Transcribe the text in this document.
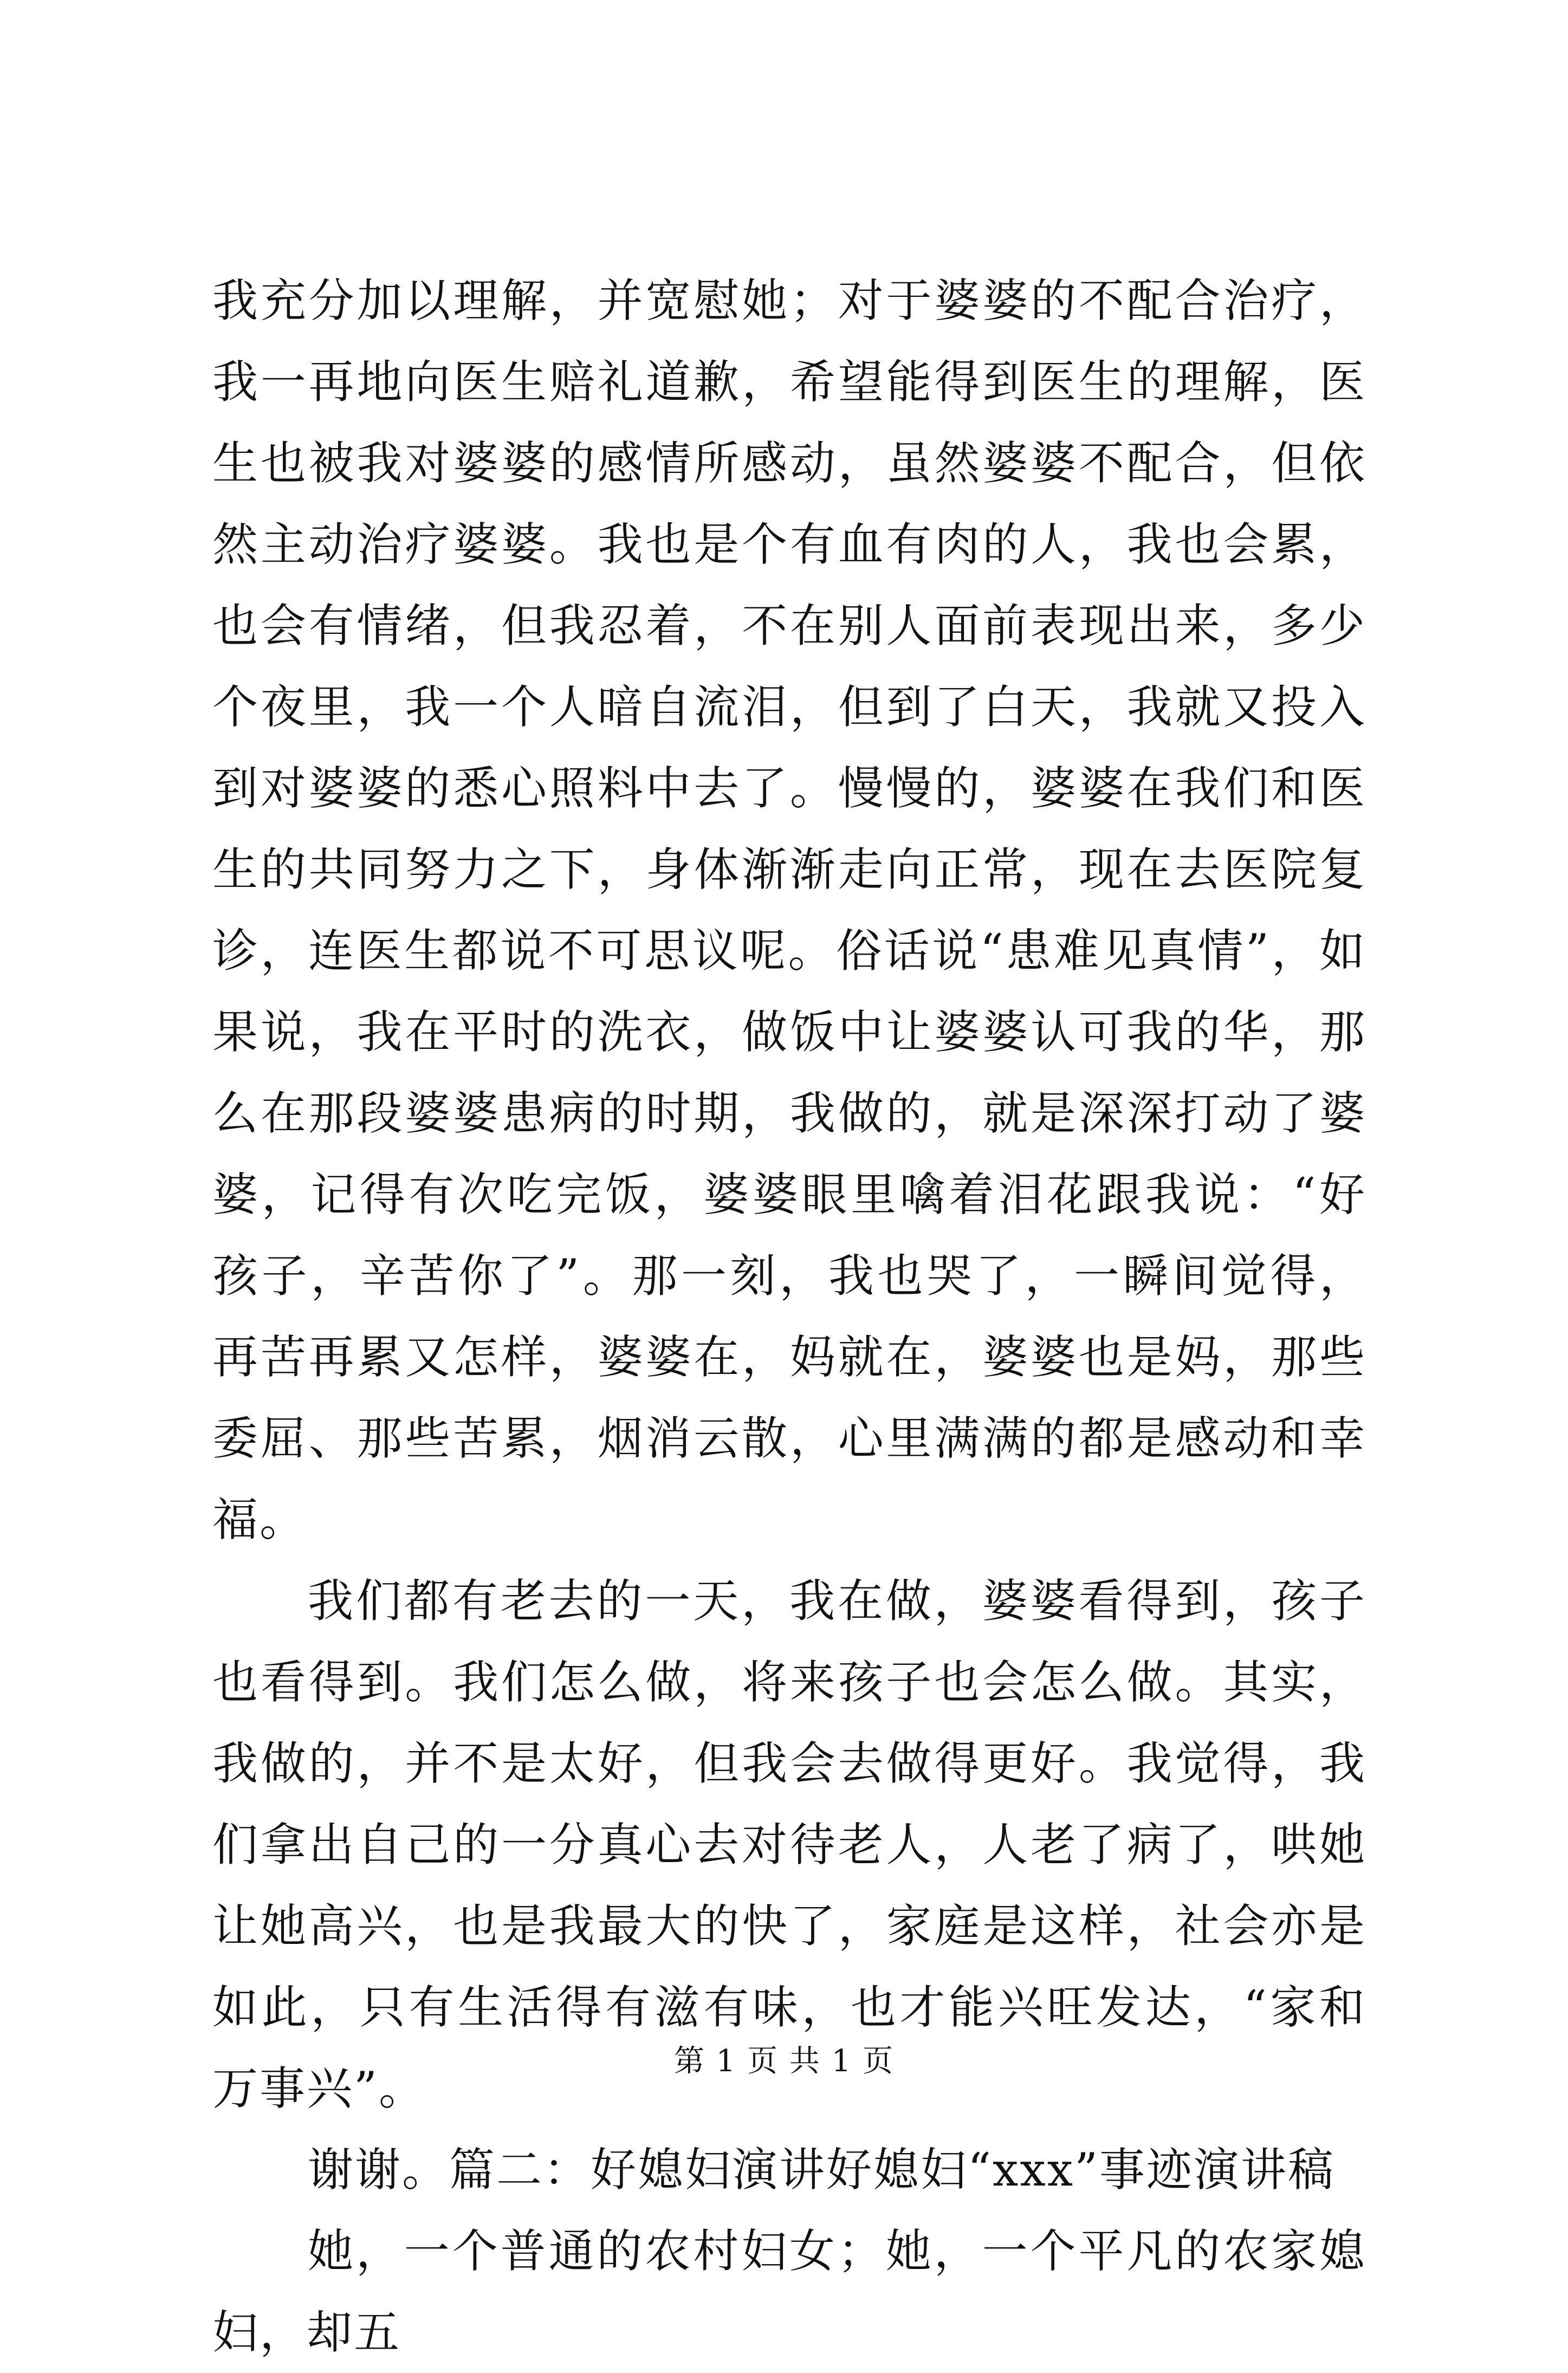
我充分加以理解，并宽慰她；对于婆婆的不配合治疗，我一再地向医生赔礼道歉，希望能得到医生的理解，医生也被我对婆婆的感情所感动，虽然婆婆不配合，但依然主动治疗婆婆。我也是个有血有肉的人，我也会累，也会有情绪，但我忍着，不在别人面前表现出来，多少个夜里，我一个人暗自流泪，但到了白天，我就又投入到对婆婆的悉心照料中去了。慢慢的，婆婆在我们和医生的共同努力之下，身体渐渐走向正常，现在去医院复诊，连医生都说不可思议呢。俗话说“患难见真情”，如果说，我在平时的洗衣，做饭中让婆婆认可我的华，那么在那段婆婆患病的时期，我做的，就是深深打动了婆婆，记得有次吃完饭，婆婆眼里噙着泪花跟我说：“好孩子，辛苦你了”。那一刻，我也哭了，一瞬间觉得，再苦再累又怎样，婆婆在，妈就在，婆婆也是妈，那些委屈、那些苦累，烟消云散，心里满满的都是感动和幸福。

我们都有老去的一天，我在做，婆婆看得到，孩子也看得到。我们怎么做，将来孩子也会怎么做。其实，我做的，并不是太好，但我会去做得更好。我觉得，我们拿出自己的一分真心去对待老人，人老了病了，哄她让她高兴，也是我最大的快了，家庭是这样，社会亦是如此，只有生活得有滋有味，也才能兴旺发达，“家和万事兴”。

谢谢。篇二：好媳妇演讲好媳妇“xxx”事迹演讲稿

她，一个普通的农村妇女；她，一个平凡的农家媳妇，却五

第 1 页 共 1 页
